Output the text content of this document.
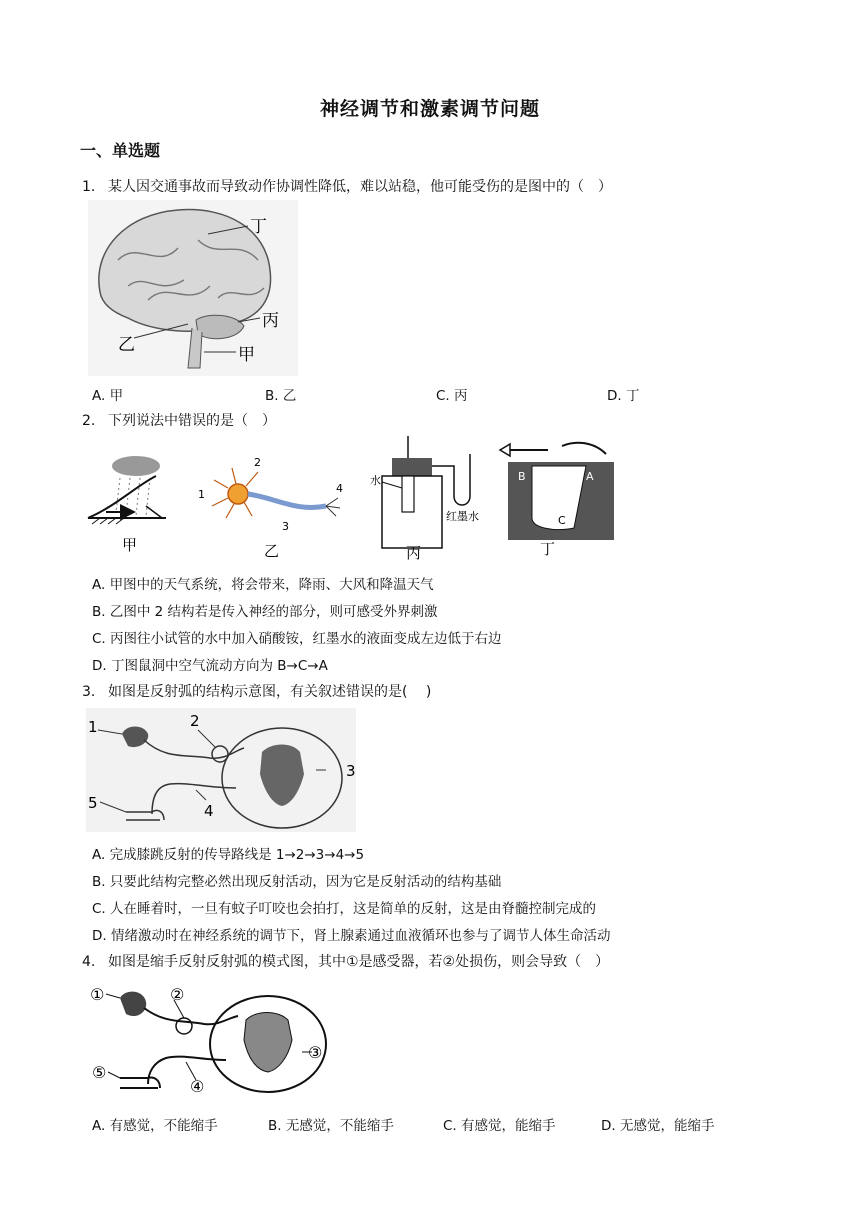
神经调节和激素调节问题
一、单选题
1. 某人因交通事故而导致动作协调性降低，难以站稳，他可能受伤的是图中的（　）
丁
丙
乙	甲
A. 甲	B. 乙	C. 丙	D. 丁
2. 下列说法中错误的是（　）
甲
1
2
3
4
乙
水
红墨水
丙
B	A
C
丁
A. 甲图中的天气系统，将会带来，降雨、大风和降温天气
B. 乙图中 2 结构若是传入神经的部分，则可感受外界刺激
C. 丙图往小试管的水中加入硝酸铵，红墨水的液面变成左边低于右边
D. 丁图鼠洞中空气流动方向为 B→C→A
3. 如图是反射弧的结构示意图，有关叙述错误的是(　 )
1	2
3
4
5
A. 完成膝跳反射的传导路线是 1→2→3→4→5
B. 只要此结构完整必然出现反射活动，因为它是反射活动的结构基础
C. 人在睡着时，一旦有蚊子叮咬也会拍打，这是简单的反射，这是由脊髓控制完成的
D. 情绪激动时在神经系统的调节下，肾上腺素通过血液循环也参与了调节人体生命活动
4. 如图是缩手反射反射弧的模式图，其中①是感受器，若②处损伤，则会导致（　）
①	②
③
④
⑤
A. 有感觉，不能缩手	B. 无感觉，不能缩手	C. 有感觉，能缩手	D. 无感觉，能缩手
